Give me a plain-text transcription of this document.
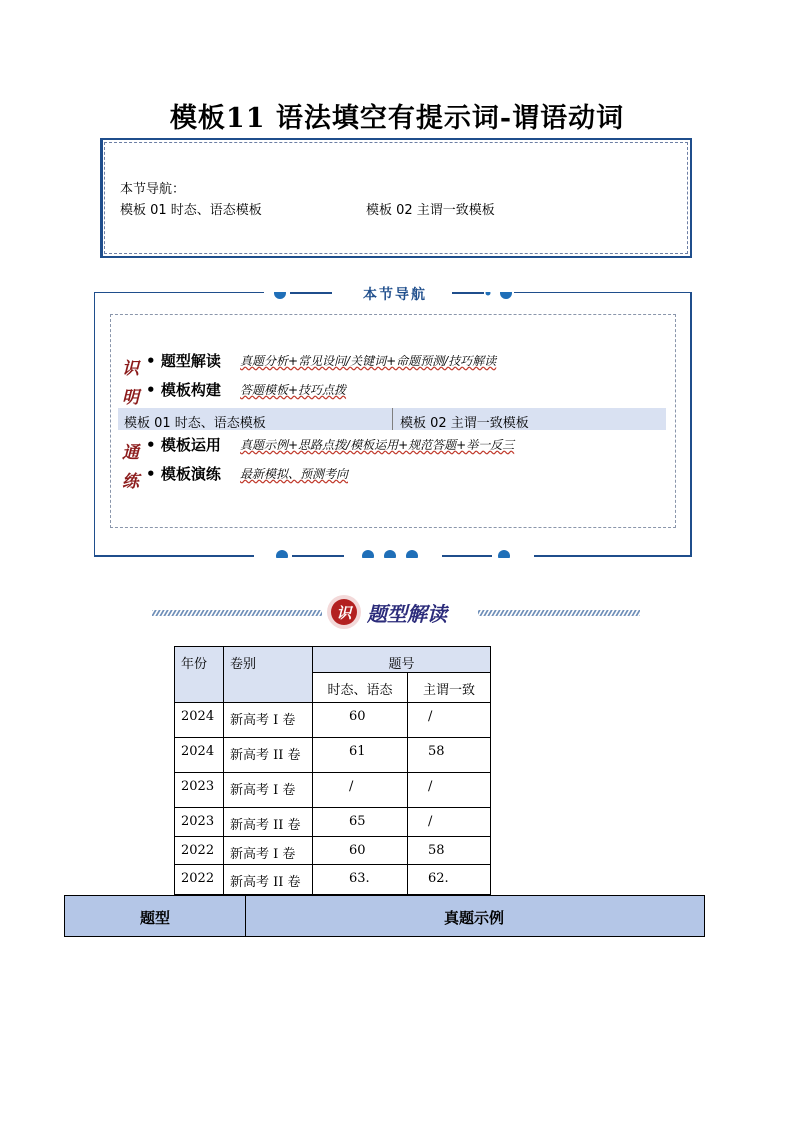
模板11 语法填空有提示词-谓语动词
本节导航：
模板 01 时态、语态模板	模板 02 主谓一致模板
本节导航
识
明
通
练
• 题型解读 真题分析+常见设问/关键词+命题预测/技巧解读
• 模板构建 答题模板+技巧点拨
模板 01 时态、语态模板	模板 02 主谓一致模板
• 模板运用 真题示例+思路点拨/模板运用+规范答题+举一反三
• 模板演练 最新模拟、预测考向
识 题型解读
年份	卷别	题号	

		时态、语态	主谓一致

2024	新高考 I 卷	60	/

2024	新高考 II 卷	61	58

2023	新高考 I 卷	/	/

2023	新高考 II 卷	65	/

2022	新高考 I 卷	60	58

2022	新高考 II 卷	63.	62.
题型	真题示例
